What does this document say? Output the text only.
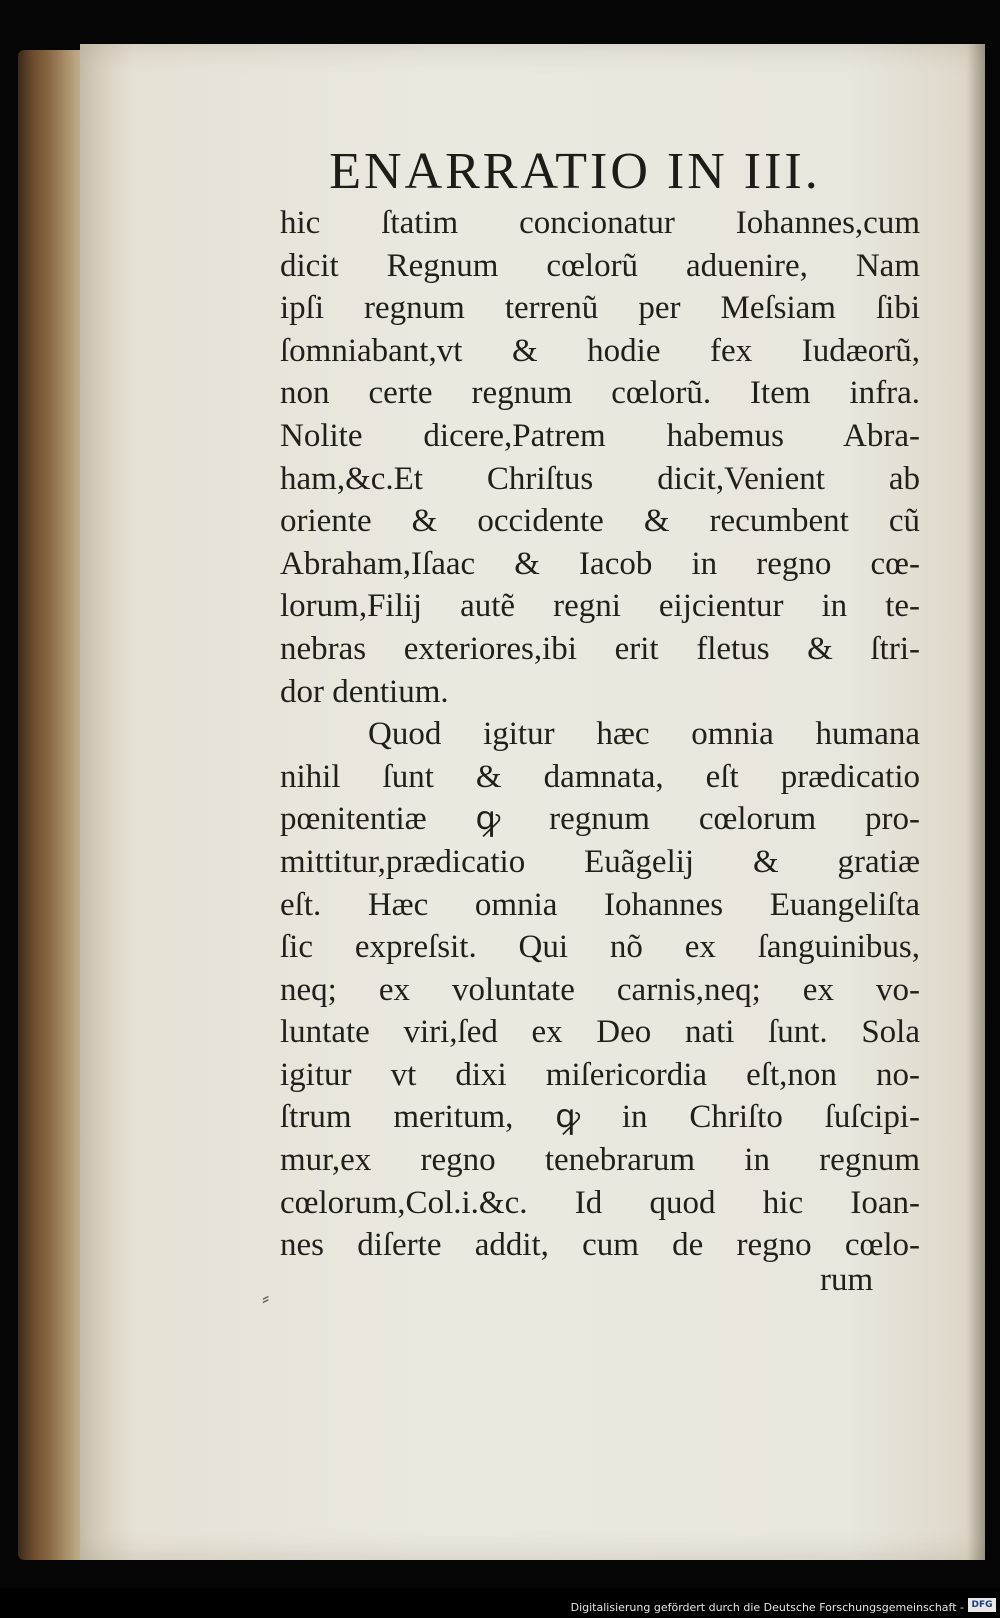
ENARRATIO IN III.
hic ſtatim concionatur Iohannes,cum
dicit Regnum cœlorũ aduenire, Nam
ipſi regnum terrenũ per Meſsiam ſibi
ſomniabant,vt & hodie fex Iudæorũ,
non certe regnum cœlorũ. Item infra.
Nolite dicere,Patrem habemus Abra-
ham,&c.Et Chriſtus dicit,Venient ab
oriente & occidente & recumbent cũ
Abraham,Iſaac & Iacob in regno cœ-
lorum,Filij autẽ regni eijcientur in te-
nebras exteriores,ibi erit fletus & ſtri-
dor dentium.
Quod igitur hæc omnia humana
nihil ſunt & damnata, eſt prædicatio
pœnitentiæ ꝙ regnum cœlorum pro-
mittitur,prædicatio Euãgelij & gratiæ
eſt. Hæc omnia Iohannes Euangeliſta
ſic expreſsit. Qui nõ ex ſanguinibus,
neq; ex voluntate carnis,neq; ex vo-
luntate viri,ſed ex Deo nati ſunt. Sola
igitur vt dixi miſericordia eſt,non no-
ſtrum meritum, ꝙ in Chriſto ſuſcipi-
mur,ex regno tenebrarum in regnum
cœlorum,Col.i.&c. Id quod hic Ioan-
nes diſerte addit, cum de regno cœlo-
rum
⸗
Digitalisierung gefördert durch die Deutsche Forschungsgemeinschaft - DFG
